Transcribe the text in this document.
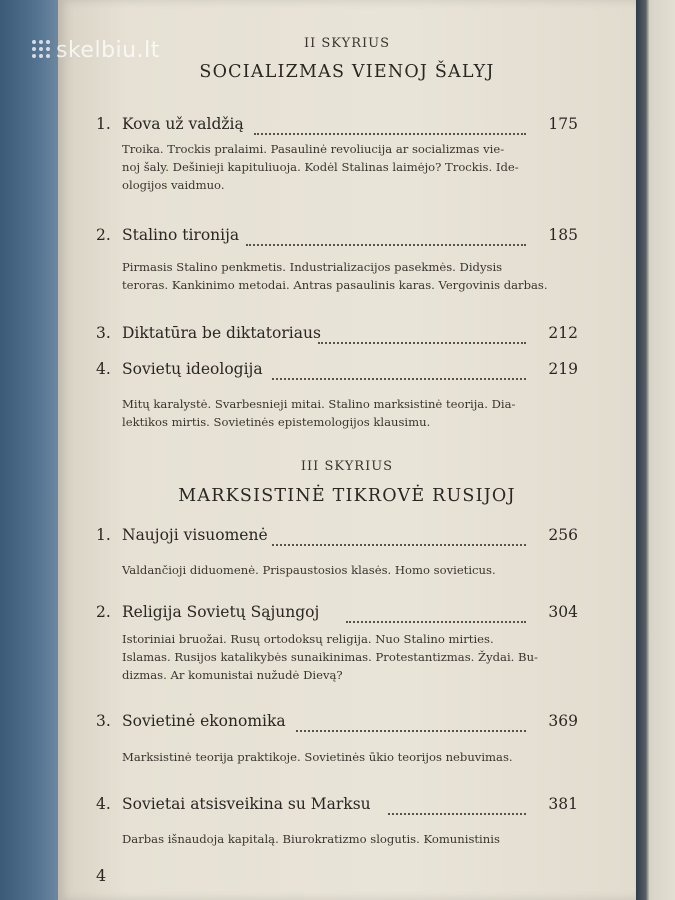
skelbiu.lt	II SKYRIUS
SOCIALIZMAS VIENOJ ŠALYJ
1. Kova už valdžią	175
Troika. Trockis pralaimi. Pasaulinė revoliucija ar socializmas vie-
noj šaly. Dešinieji kapituliuoja. Kodėl Stalinas laimėjo? Trockis. Ide-
ologijos vaidmuo.
2. Stalino tironija	185
Pirmasis Stalino penkmetis. Industrializacijos pasekmės. Didysis
teroras. Kankinimo metodai. Antras pasaulinis karas. Vergovinis darbas.
3. Diktatūra be diktatoriaus	212
4. Sovietų ideologija	219
Mitų karalystė. Svarbesnieji mitai. Stalino marksistinė teorija. Dia-
lektikos mirtis. Sovietinės epistemologijos klausimu.
III SKYRIUS
MARKSISTINĖ TIKROVĖ RUSIJOJ
1. Naujoji visuomenė	256
Valdančioji diduomenė. Prispaustosios klasės. Homo sovieticus.
2. Religija Sovietų Sąjungoj	304
Istoriniai bruožai. Rusų ortodoksų religija. Nuo Stalino mirties.
Islamas. Rusijos katalikybės sunaikinimas. Protestantizmas. Žydai. Bu-
dizmas. Ar komunistai nužudė Dievą?
3. Sovietinė ekonomika	369
Marksistinė teorija praktikoje. Sovietinės ūkio teorijos nebuvimas.
4. Sovietai atsisveikina su Marksu	381
Darbas išnaudoja kapitalą. Biurokratizmo slogutis. Komunistinis
4
